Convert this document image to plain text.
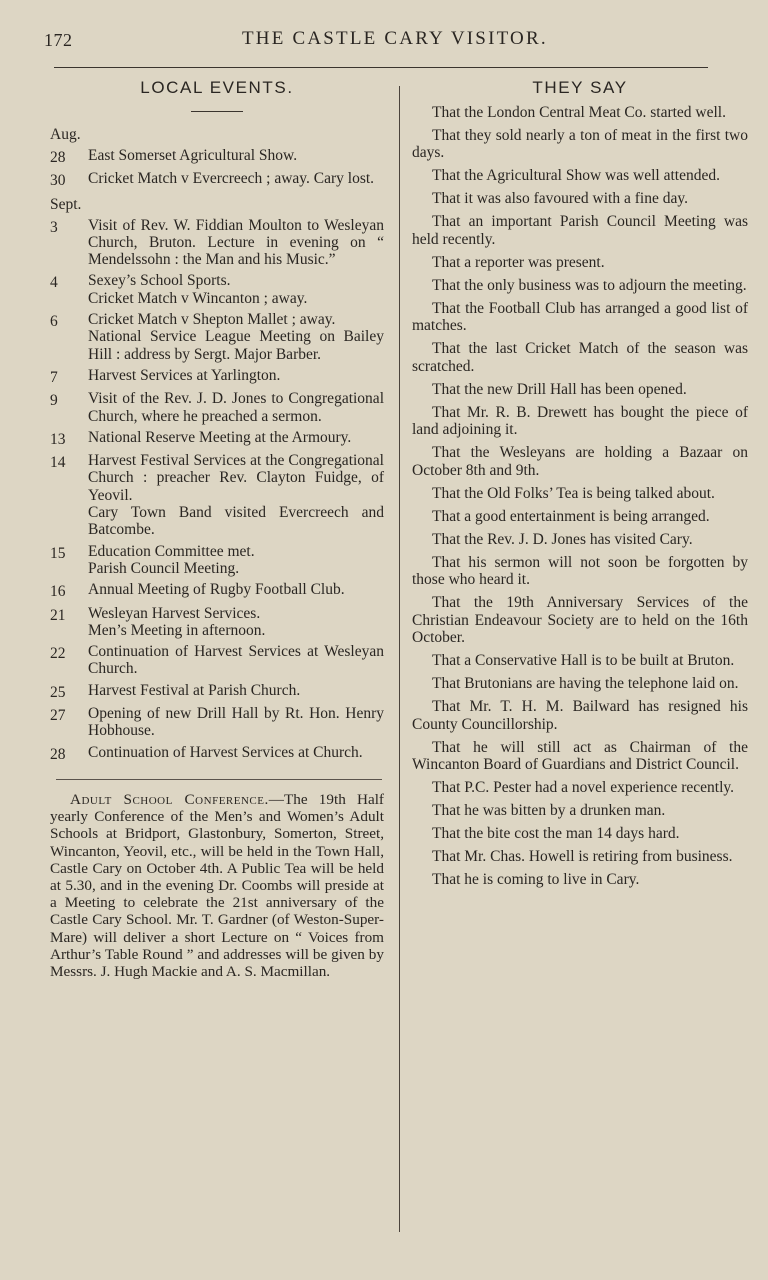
172	THE CASTLE CARY VISITOR.
LOCAL EVENTS.
Aug.
28	East Somerset Agricultural Show.
30	Cricket Match v Evercreech ; away. Cary lost.
Sept.
3	Visit of Rev. W. Fiddian Moulton to Wesleyan Church, Bruton. Lecture in evening on “ Mendelssohn : the Man and his Music.”
4	Sexey’s School Sports.
Cricket Match v Wincanton ; away.
6	Cricket Match v Shepton Mallet ; away.
National Service League Meeting on Bailey Hill : address by Sergt. Major Barber.
7	Harvest Services at Yarlington.
9	Visit of the Rev. J. D. Jones to Congregational Church, where he preached a sermon.
13	National Reserve Meeting at the Armoury.
14	Harvest Festival Services at the Congregational Church : preacher Rev. Clayton Fuidge, of Yeovil.
Cary Town Band visited Evercreech and Batcombe.
15	Education Committee met.
Parish Council Meeting.
16	Annual Meeting of Rugby Football Club.
21	Wesleyan Harvest Services.
Men’s Meeting in afternoon.
22	Continuation of Harvest Services at Wesleyan Church.
25	Harvest Festival at Parish Church.
27	Opening of new Drill Hall by Rt. Hon. Henry Hobhouse.
28	Continuation of Harvest Services at Church.
Adult School Conference.—The 19th Half yearly Conference of the Men’s and Women’s Adult Schools at Bridport, Glastonbury, Somerton, Street, Wincanton, Yeovil, etc., will be held in the Town Hall, Castle Cary on October 4th. A Public Tea will be held at 5.30, and in the evening Dr. Coombs will preside at a Meeting to celebrate the 21st anniversary of the Castle Cary School. Mr. T. Gardner (of Weston-Super-Mare) will deliver a short Lecture on “ Voices from Arthur’s Table Round ” and addresses will be given by Messrs. J. Hugh Mackie and A. S. Macmillan.
THEY SAY
That the London Central Meat Co. started well.
That they sold nearly a ton of meat in the first two days.
That the Agricultural Show was well attended.
That it was also favoured with a fine day.
That an important Parish Council Meeting was held recently.
That a reporter was present.
That the only business was to adjourn the meeting.
That the Football Club has arranged a good list of matches.
That the last Cricket Match of the season was scratched.
That the new Drill Hall has been opened.
That Mr. R. B. Drewett has bought the piece of land adjoining it.
That the Wesleyans are holding a Bazaar on October 8th and 9th.
That the Old Folks’ Tea is being talked about.
That a good entertainment is being arranged.
That the Rev. J. D. Jones has visited Cary.
That his sermon will not soon be forgotten by those who heard it.
That the 19th Anniversary Services of the Christian Endeavour Society are to held on the 16th October.
That a Conservative Hall is to be built at Bruton.
That Brutonians are having the telephone laid on.
That Mr. T. H. M. Bailward has resigned his County Councillorship.
That he will still act as Chairman of the Wincanton Board of Guardians and District Council.
That P.C. Pester had a novel experience recently.
That he was bitten by a drunken man.
That the bite cost the man 14 days hard.
That Mr. Chas. Howell is retiring from business.
That he is coming to live in Cary.
